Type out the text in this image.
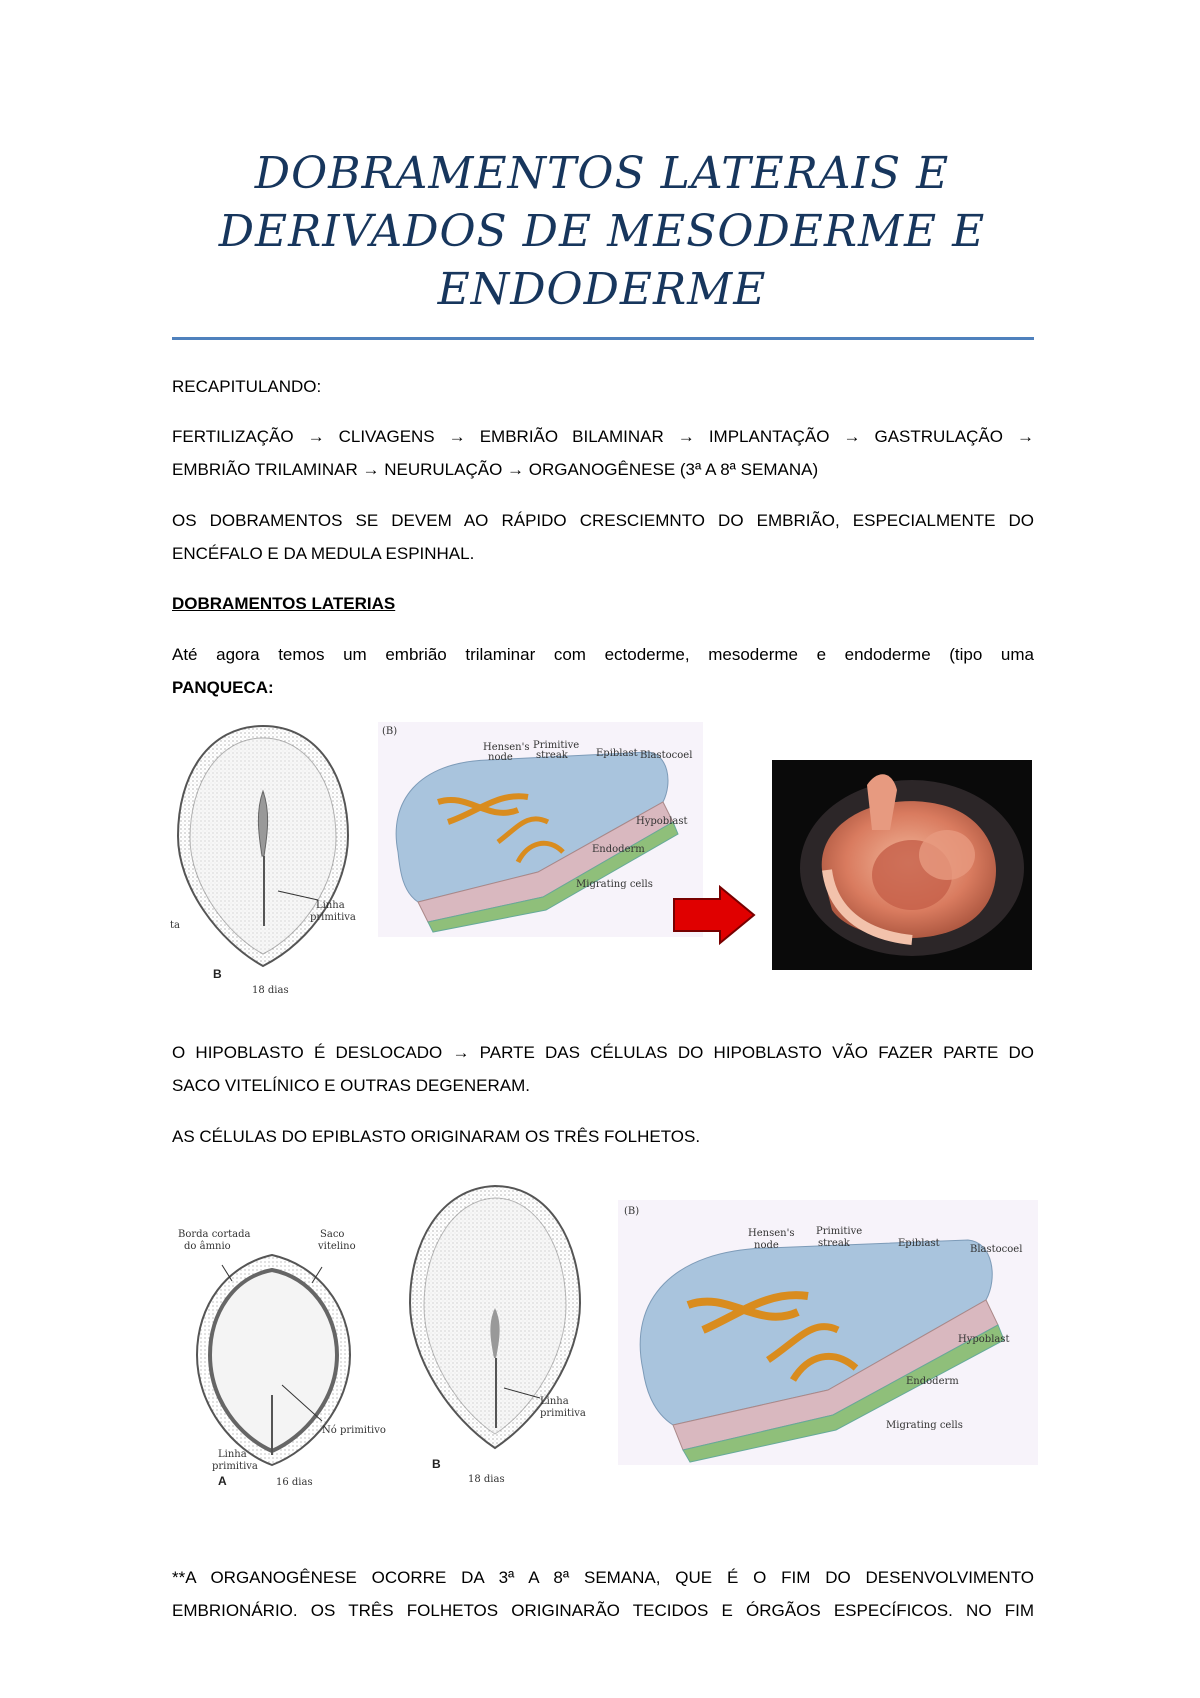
DOBRAMENTOS LATERAIS E
DERIVADOS DE MESODERME E
ENDODERME
RECAPITULANDO:
FERTILIZAÇÃO → CLIVAGENS → EMBRIÃO BILAMINAR → IMPLANTAÇÃO → GASTRULAÇÃO →
EMBRIÃO TRILAMINAR → NEURULAÇÃO → ORGANOGÊNESE (3ª A 8ª SEMANA)
OS DOBRAMENTOS SE DEVEM AO RÁPIDO CRESCIEMNTO DO EMBRIÃO, ESPECIALMENTE DO
ENCÉFALO E DA MEDULA ESPINHAL.
DOBRAMENTOS LATERIAS
Até agora temos um embrião trilaminar com ectoderme, mesoderme e endoderme (tipo uma
PANQUECA:
Linha
primitiva
ta
B
18 dias
(B)
Hensen's
node
Primitive
streak	Epiblast Blastocoel
Hypoblast
Endoderm
Migrating cells
O HIPOBLASTO É DESLOCADO → PARTE DAS CÉLULAS DO HIPOBLASTO VÃO FAZER PARTE DO
SACO VITELÍNICO E OUTRAS DEGENERAM.
AS CÉLULAS DO EPIBLASTO ORIGINARAM OS TRÊS FOLHETOS.
Borda cortada
do âmnio
Saco
vitelino
Nó primitivo
Linha
primitiva
A	16 dias
Linha
primitiva
B
18 dias
(B)
Hensen's
node
Primitive
streak	Epiblast
Blastocoel
Hypoblast
Endoderm
Migrating cells
**A ORGANOGÊNESE OCORRE DA 3ª A 8ª SEMANA, QUE É O FIM DO DESENVOLVIMENTO
EMBRIONÁRIO. OS TRÊS FOLHETOS ORIGINARÃO TECIDOS E ÓRGÃOS ESPECÍFICOS. NO FIM
